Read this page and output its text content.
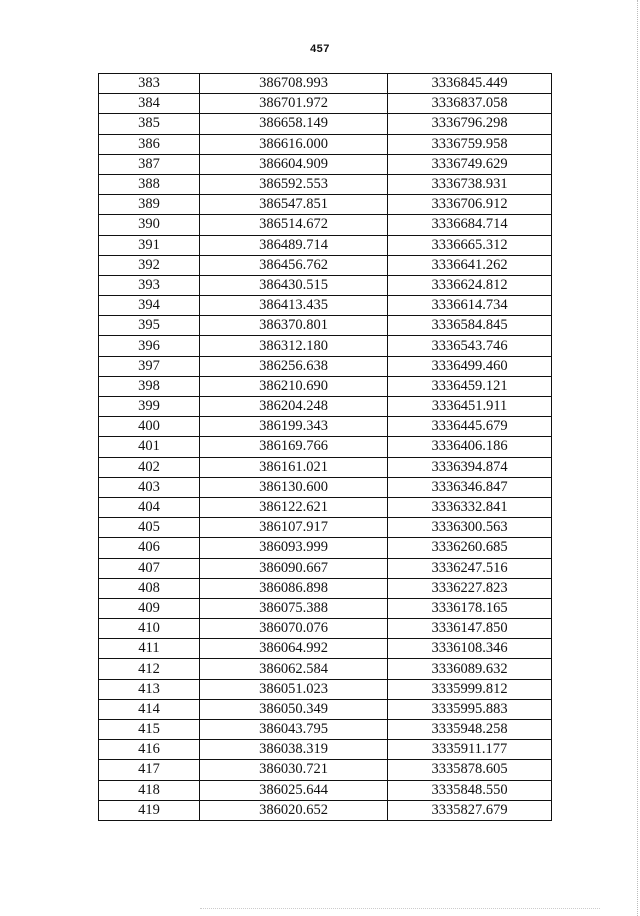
457
383	386708.993	3336845.449
384	386701.972	3336837.058
385	386658.149	3336796.298
386	386616.000	3336759.958
387	386604.909	3336749.629
388	386592.553	3336738.931
389	386547.851	3336706.912
390	386514.672	3336684.714
391	386489.714	3336665.312
392	386456.762	3336641.262
393	386430.515	3336624.812
394	386413.435	3336614.734
395	386370.801	3336584.845
396	386312.180	3336543.746
397	386256.638	3336499.460
398	386210.690	3336459.121
399	386204.248	3336451.911
400	386199.343	3336445.679
401	386169.766	3336406.186
402	386161.021	3336394.874
403	386130.600	3336346.847
404	386122.621	3336332.841
405	386107.917	3336300.563
406	386093.999	3336260.685
407	386090.667	3336247.516
408	386086.898	3336227.823
409	386075.388	3336178.165
410	386070.076	3336147.850
411	386064.992	3336108.346
412	386062.584	3336089.632
413	386051.023	3335999.812
414	386050.349	3335995.883
415	386043.795	3335948.258
416	386038.319	3335911.177
417	386030.721	3335878.605
418	386025.644	3335848.550
419	386020.652	3335827.679
